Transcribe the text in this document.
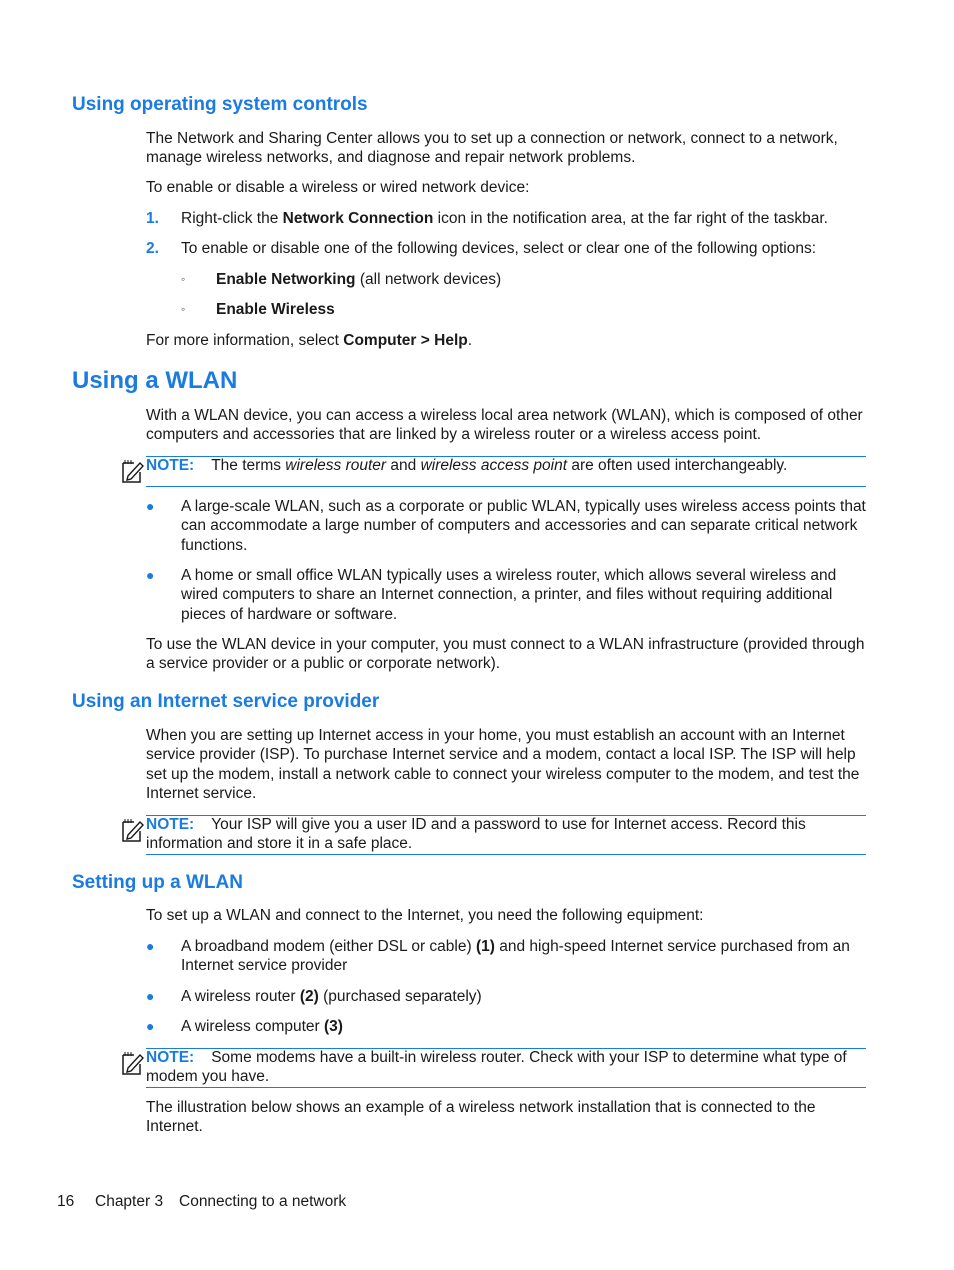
Using operating system controls
The Network and Sharing Center allows you to set up a connection or network, connect to a network, manage wireless networks, and diagnose and repair network problems.
To enable or disable a wireless or wired network device:
1. Right-click the Network Connection icon in the notification area, at the far right of the taskbar.
2. To enable or disable one of the following devices, select or clear one of the following options:
◦ Enable Networking (all network devices)
◦ Enable Wireless
For more information, select Computer > Help.
Using a WLAN
With a WLAN device, you can access a wireless local area network (WLAN), which is composed of other computers and accessories that are linked by a wireless router or a wireless access point.
NOTE: The terms wireless router and wireless access point are often used interchangeably.
● A large-scale WLAN, such as a corporate or public WLAN, typically uses wireless access points that can accommodate a large number of computers and accessories and can separate critical network functions.
● A home or small office WLAN typically uses a wireless router, which allows several wireless and wired computers to share an Internet connection, a printer, and files without requiring additional pieces of hardware or software.
To use the WLAN device in your computer, you must connect to a WLAN infrastructure (provided through a service provider or a public or corporate network).
Using an Internet service provider
When you are setting up Internet access in your home, you must establish an account with an Internet service provider (ISP). To purchase Internet service and a modem, contact a local ISP. The ISP will help set up the modem, install a network cable to connect your wireless computer to the modem, and test the Internet service.
NOTE: Your ISP will give you a user ID and a password to use for Internet access. Record this information and store it in a safe place.
Setting up a WLAN
To set up a WLAN and connect to the Internet, you need the following equipment:
● A broadband modem (either DSL or cable) (1) and high-speed Internet service purchased from an Internet service provider
● A wireless router (2) (purchased separately)
● A wireless computer (3)
NOTE: Some modems have a built-in wireless router. Check with your ISP to determine what type of modem you have.
The illustration below shows an example of a wireless network installation that is connected to the Internet.
16 Chapter 3 Connecting to a network
